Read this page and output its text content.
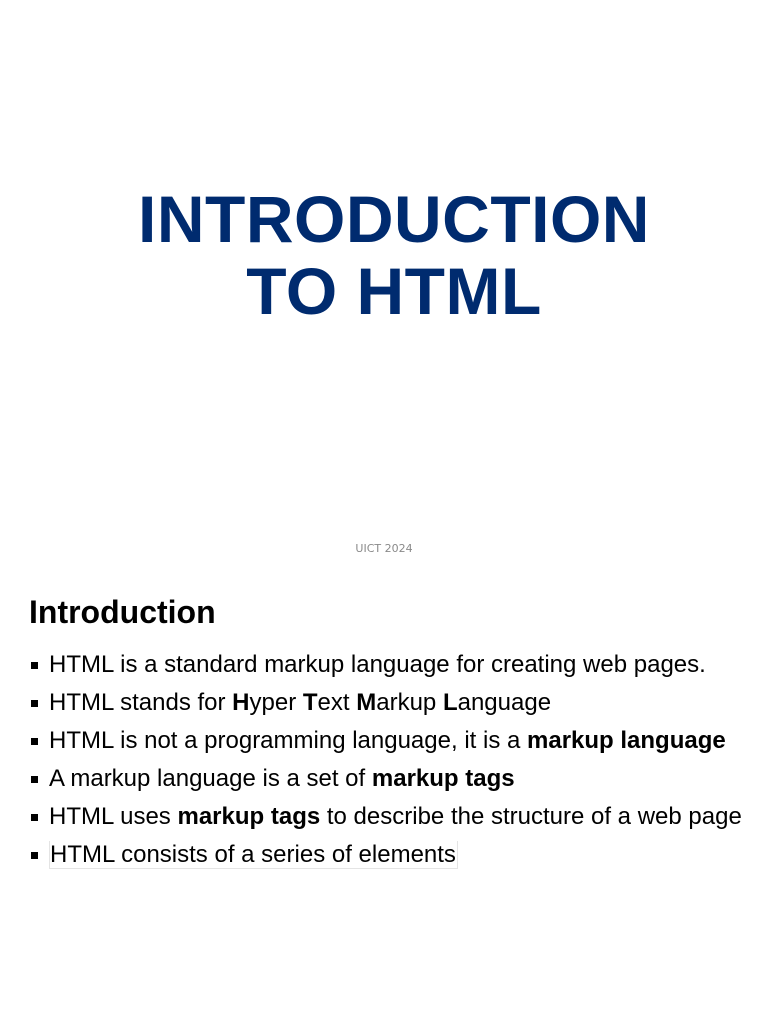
INTRODUCTION
TO HTML
UICT 2024
Introduction
HTML is a standard markup language for creating web pages.
HTML stands for Hyper Text Markup Language
HTML is not a programming language, it is a markup language
A markup language is a set of markup tags
HTML uses markup tags to describe the structure of a web page
HTML consists of a series of elements
